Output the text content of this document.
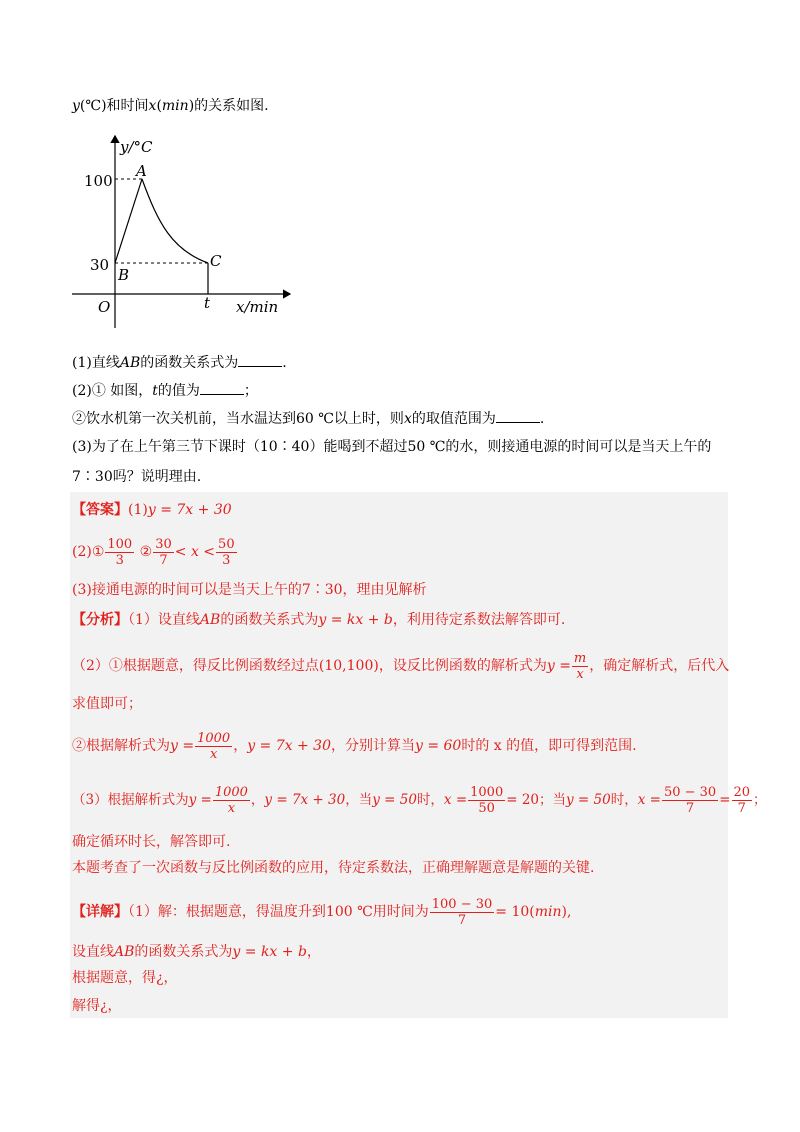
y(℃)和时间x(min)的关系如图.
y/°C
100
30
A
B
C
O	t x/min
(1)直线AB的函数关系式为	.
(2)① 如图，t的值为	；
②饮水机第一次关机前，当水温达到60 ℃以上时，则x的取值范围为	.
(3)为了在上午第三节下课时（10∶40）能喝到不超过50 ℃的水，则接通电源的时间可以是当天上午的
7∶30吗？说明理由.
【答案】(1)y = 7x + 30
(2)① $\frac{100}{3}$ ② $\frac{30}{7} < x < \frac{50}{3}$
(3)接通电源的时间可以是当天上午的7∶30，理由见解析
【分析】（1）设直线AB的函数关系式为y = kx + b，利用待定系数法解答即可.
（2）①根据题意，得反比例函数经过点(10,100)，设反比例函数的解析式为$y = \frac{m}{x}$ ，确定解析式，后代入
求值即可；
②根据解析式为$y = \frac{1000}{x}$ ，y = 7x + 30，分别计算当y = 60时的 x 的值，即可得到范围.
（3）根据解析式为$y = \frac{1000}{x}$ ，y = 7x + 30，当y = 50时，$x = \frac{1000}{50} = 20$；当y = 50时，$x = \frac{50 - 30}{7} = \frac{20}{7}$ ；
确定循环时长，解答即可.
本题考查了一次函数与反比例函数的应用，待定系数法，正确理解题意是解题的关键.
【详解】（1）解：根据题意，得温度升到100 ℃用时间为 $\frac{100 - 30}{7} = 10(\min)$,
设直线AB的函数关系式为y = kx + b，
根据题意，得¿，
解得¿，
